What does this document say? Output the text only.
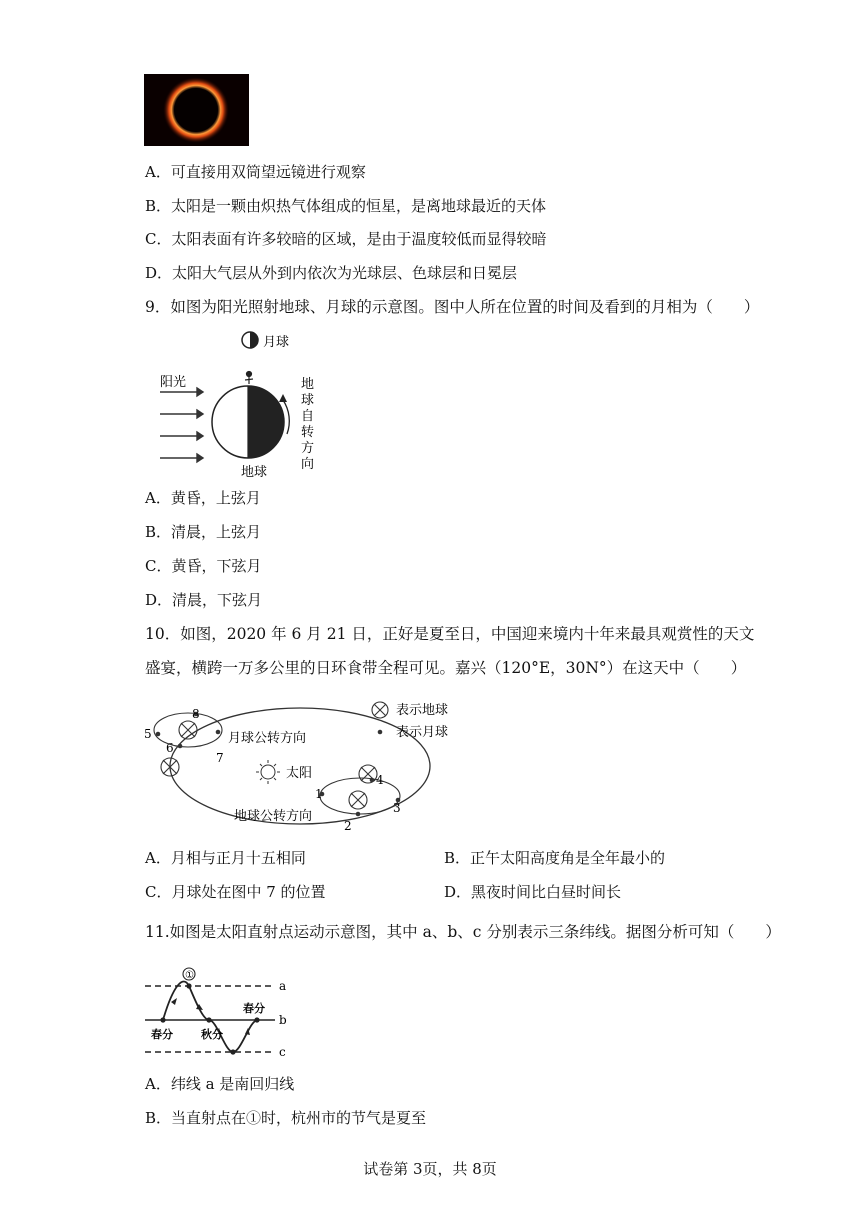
A．可直接用双筒望远镜进行观察
B．太阳是一颗由炽热气体组成的恒星，是离地球最近的天体
C．太阳表面有许多较暗的区域，是由于温度较低而显得较暗
D．太阳大气层从外到内依次为光球层、色球层和日冕层
9．如图为阳光照射地球、月球的示意图。图中人所在位置的时间及看到的月相为（　　）
月球
阳光
地球
地
球
自
转
方
向
A．黄昏，上弦月
B．清晨，上弦月
C．黄昏，下弦月
D．清晨，下弦月
10．如图，2020 年 6 月 21 日，正好是夏至日，中国迎来境内十年来最具观赏性的天文
盛宴，横跨一万多公里的日环食带全程可见。嘉兴（120°E，30N°）在这天中（　　）
1
2
3
4
5
6
7
8
太阳
月球公转方向
地球公转方向
表示地球
表示月球
A．月相与正月十五相同	B．正午太阳高度角是全年最小的
C．月球处在图中 7 的位置	D．黑夜时间比白昼时间长
11.如图是太阳直射点运动示意图，其中 a、b、c 分别表示三条纬线。据图分析可知（　　）
a
b
c
①
春分	秋分
春分
A．纬线 a 是南回归线
B．当直射点在①时，杭州市的节气是夏至
试卷第 3页，共 8页
